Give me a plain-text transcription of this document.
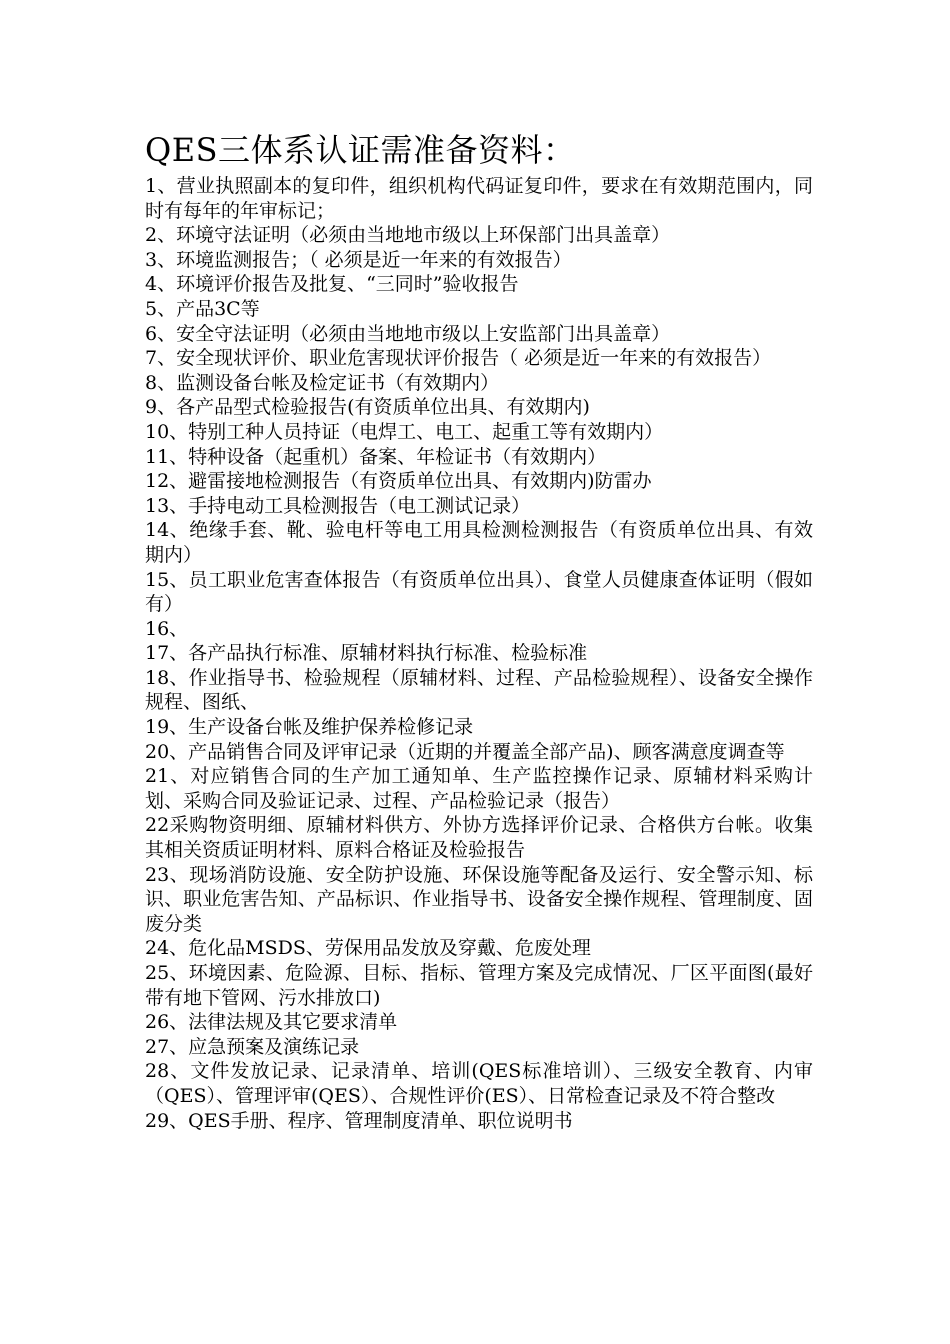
QES三体系认证需准备资料：
1、营业执照副本的复印件，组织机构代码证复印件，要求在有效期范围内，同时有每年的年审标记；
2、环境守法证明（必须由当地地市级以上环保部门出具盖章）
3、环境监测报告；（ 必须是近一年来的有效报告）
4、环境评价报告及批复、“三同时”验收报告
5、产品3C等
6、安全守法证明（必须由当地地市级以上安监部门出具盖章）
7、安全现状评价、职业危害现状评价报告（ 必须是近一年来的有效报告）
8、监测设备台帐及检定证书（有效期内）
9、各产品型式检验报告(有资质单位出具、有效期内)
10、特别工种人员持证（电焊工、电工、起重工等有效期内）
11、特种设备（起重机）备案、年检证书（有效期内）
12、避雷接地检测报告（有资质单位出具、有效期内)防雷办
13、手持电动工具检测报告（电工测试记录）
14、绝缘手套、靴、验电杆等电工用具检测检测报告（有资质单位出具、有效期内）
15、员工职业危害查体报告（有资质单位出具）、食堂人员健康查体证明（假如有）
16、
17、各产品执行标准、原辅材料执行标准、检验标准
18、作业指导书、检验规程（原辅材料、过程、产品检验规程）、设备安全操作规程、图纸、
19、生产设备台帐及维护保养检修记录
20、产品销售合同及评审记录（近期的并覆盖全部产品)、顾客满意度调查等
21、对应销售合同的生产加工通知单、生产监控操作记录、原辅材料采购计划、采购合同及验证记录、过程、产品检验记录（报告）
22采购物资明细、原辅材料供方、外协方选择评价记录、合格供方台帐。收集其相关资质证明材料、原料合格证及检验报告
23、现场消防设施、安全防护设施、环保设施等配备及运行、安全警示知、标识、职业危害告知、产品标识、作业指导书、设备安全操作规程、管理制度、固废分类
24、危化品MSDS、劳保用品发放及穿戴、危废处理
25、环境因素、危险源、目标、指标、管理方案及完成情况、厂区平面图(最好带有地下管网、污水排放口)
26、法律法规及其它要求清单
27、应急预案及演练记录
28、文件发放记录、记录清单、培训(QES标准培训）、三级安全教育、内审（QES）、管理评审(QES）、合规性评价(ES）、日常检查记录及不符合整改
29、QES手册、程序、管理制度清单、职位说明书
